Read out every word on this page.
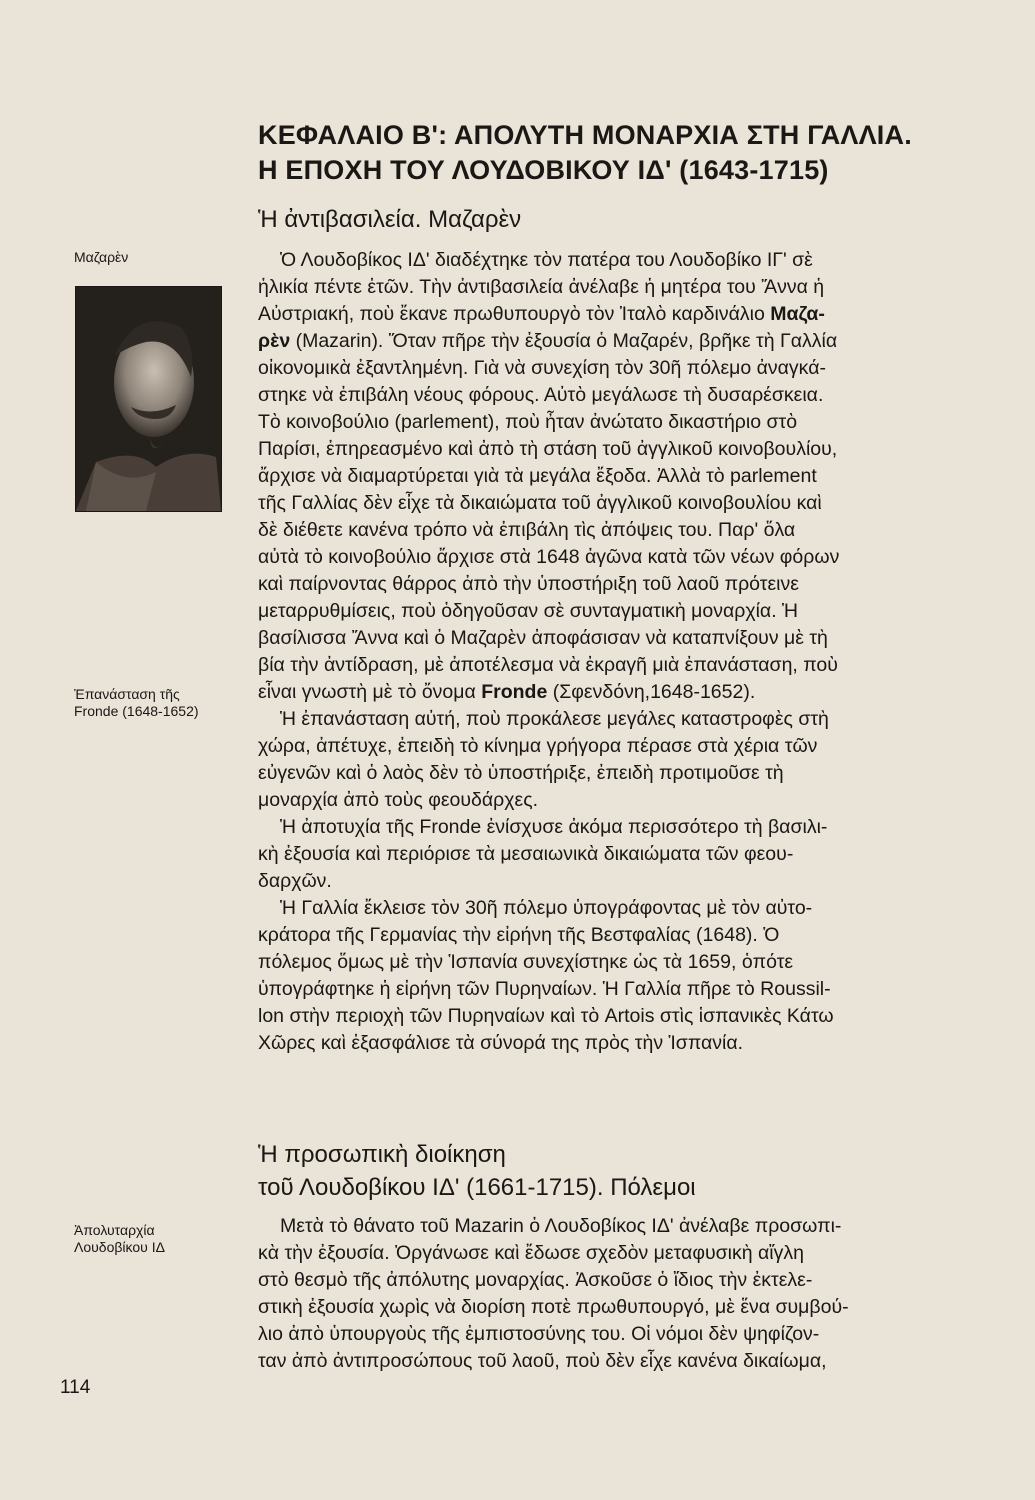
ΚΕΦΑΛΑΙΟ Β': ΑΠΟΛΥΤΗ ΜΟΝΑΡΧΙΑ ΣΤΗ ΓΑΛΛΙΑ.
Η ΕΠΟΧΗ ΤΟΥ ΛΟΥΔΟΒΙΚΟΥ ΙΔ' (1643-1715)
Ἡ ἀντιβασιλεία. Μαζαρὲν
Μαζαρὲν	Ὁ Λουδοβίκος ΙΔ' διαδέχτηκε τὸν πατέρα του Λουδοβίκο ΙΓ' σὲ
ἡλικία πέντε ἐτῶν. Τὴν ἀντιβασιλεία ἀνέλαβε ἡ μητέρα του Ἄννα ἡ
Αὐστριακή, ποὺ ἔκανε πρωθυπουργὸ τὸν Ἰταλὸ καρδινάλιο Μαζα-
ρὲν (Mazarin). Ὅταν πῆρε τὴν ἐξουσία ὁ Μαζαρέν, βρῆκε τὴ Γαλλία
οἰκονομικὰ ἐξαντλημένη. Γιὰ νὰ συνεχίση τὸν 30ῆ πόλεμο ἀναγκά-
στηκε νὰ ἐπιβάλη νέους φόρους. Αὐτὸ μεγάλωσε τὴ δυσαρέσκεια.
Τὸ κοινοβούλιο (parlement), ποὺ ἦταν ἀνώτατο δικαστήριο στὸ
Παρίσι, ἐπηρεασμένο καὶ ἀπὸ τὴ στάση τοῦ ἀγγλικοῦ κοινοβουλίου,
ἄρχισε νὰ διαμαρτύρεται γιὰ τὰ μεγάλα ἔξοδα. Ἀλλὰ τὸ parlement
τῆς Γαλλίας δὲν εἶχε τὰ δικαιώματα τοῦ ἀγγλικοῦ κοινοβουλίου καὶ
δὲ διέθετε κανένα τρόπο νὰ ἐπιβάλη τὶς ἀπόψεις του. Παρ' ὅλα
αὐτὰ τὸ κοινοβούλιο ἄρχισε στὰ 1648 ἀγῶνα κατὰ τῶν νέων φόρων
καὶ παίρνοντας θάρρος ἀπὸ τὴν ὑποστήριξη τοῦ λαοῦ πρότεινε
μεταρρυθμίσεις, ποὺ ὁδηγοῦσαν σὲ συνταγματικὴ μοναρχία. Ἡ
βασίλισσα Ἄννα καὶ ὁ Μαζαρὲν ἀποφάσισαν νὰ καταπνίξουν μὲ τὴ
βία τὴν ἀντίδραση, μὲ ἀποτέλεσμα νὰ ἐκραγῆ μιὰ ἐπανάσταση, ποὺ
εἶναι γνωστὴ μὲ τὸ ὄνομα Fronde (Σφενδόνη,1648-1652).
Ἡ ἐπανάσταση αὐτή, ποὺ προκάλεσε μεγάλες καταστροφὲς στὴ
χώρα, ἀπέτυχε, ἐπειδὴ τὸ κίνημα γρήγορα πέρασε στὰ χέρια τῶν
εὐγενῶν καὶ ὁ λαὸς δὲν τὸ ὑποστήριξε, ἐπειδὴ προτιμοῦσε τὴ
μοναρχία ἀπὸ τοὺς φεουδάρχες.
Ἡ ἀποτυχία τῆς Fronde ἐνίσχυσε ἀκόμα περισσότερο τὴ βασιλι-
κὴ ἐξουσία καὶ περιόρισε τὰ μεσαιωνικὰ δικαιώματα τῶν φεου-
δαρχῶν.
Ἡ Γαλλία ἔκλεισε τὸν 30ῆ πόλεμο ὑπογράφοντας μὲ τὸν αὐτο-
κράτορα τῆς Γερμανίας τὴν εἰρήνη τῆς Βεστφαλίας (1648). Ὁ
πόλεμος ὅμως μὲ τὴν Ἱσπανία συνεχίστηκε ὡς τὰ 1659, ὁπότε
ὑπογράφτηκε ἡ εἰρήνη τῶν Πυρηναίων. Ἡ Γαλλία πῆρε τὸ Roussil-
lon στὴν περιοχὴ τῶν Πυρηναίων καὶ τὸ Artois στὶς ἱσπανικὲς Κάτω
Χῶρες καὶ ἐξασφάλισε τὰ σύνορά της πρὸς τὴν Ἱσπανία.
Ἐπανάσταση τῆς
Fronde (1648-1652)
Ἡ προσωπικὴ διοίκηση
τοῦ Λουδοβίκου ΙΔ' (1661-1715). Πόλεμοι
Ἀπολυταρχία
Λουδοβίκου ΙΔ
Μετὰ τὸ θάνατο τοῦ Mazarin ὁ Λουδοβίκος ΙΔ' ἀνέλαβε προσωπι-
κὰ τὴν ἐξουσία. Ὀργάνωσε καὶ ἔδωσε σχεδὸν μεταφυσικὴ αἴγλη
στὸ θεσμὸ τῆς ἀπόλυτης μοναρχίας. Ἀσκοῦσε ὁ ἴδιος τὴν ἐκτελε-
στικὴ ἐξουσία χωρὶς νὰ διορίση ποτὲ πρωθυπουργό, μὲ ἕνα συμβού-
λιο ἀπὸ ὑπουργοὺς τῆς ἐμπιστοσύνης του. Οἱ νόμοι δὲν ψηφίζον-
ταν ἀπὸ ἀντιπροσώπους τοῦ λαοῦ, ποὺ δὲν εἶχε κανένα δικαίωμα,
114
